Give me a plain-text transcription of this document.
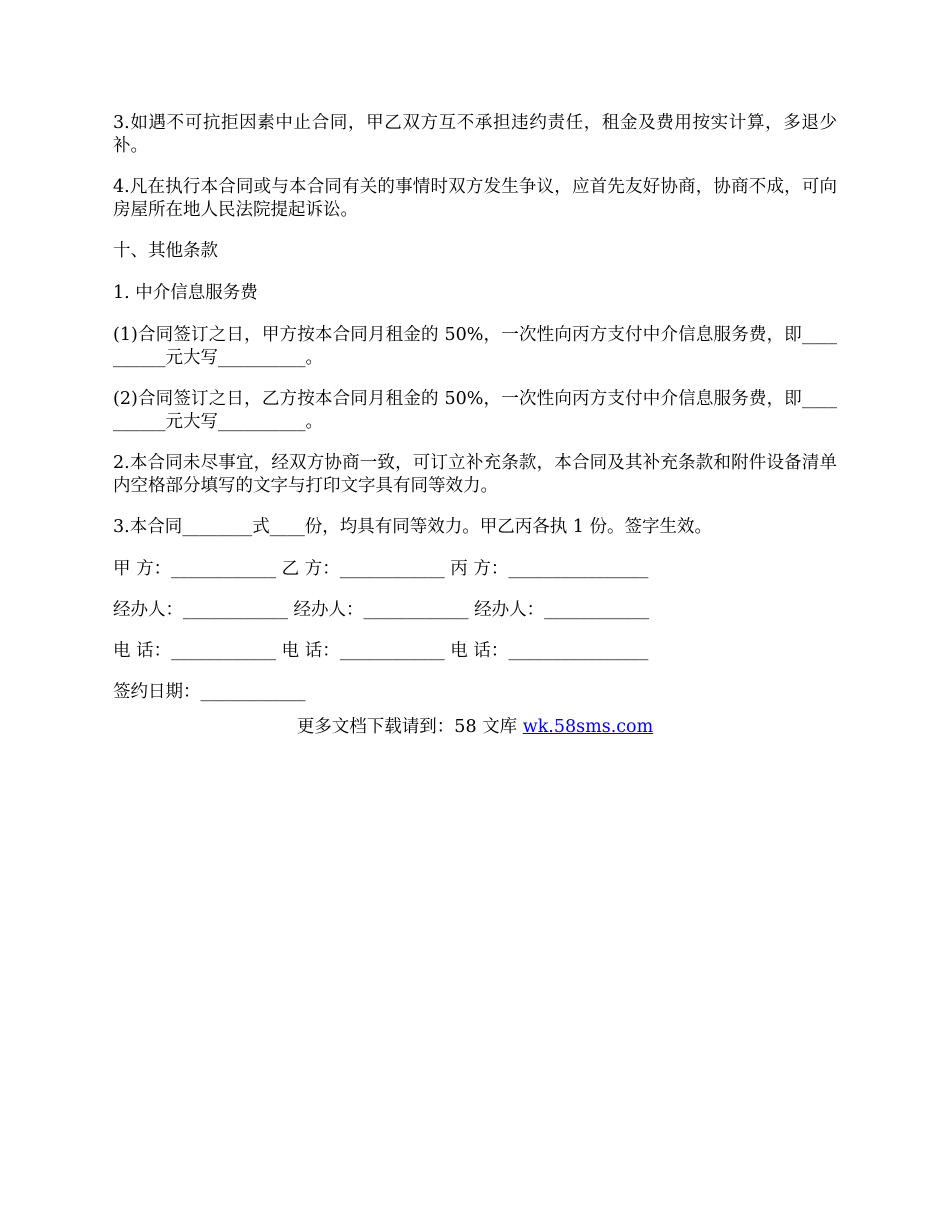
3.如遇不可抗拒因素中止合同，甲乙双方互不承担违约责任，租金及费用按实计算，多退少补。

4.凡在执行本合同或与本合同有关的事情时双方发生争议，应首先友好协商，协商不成，可向房屋所在地人民法院提起诉讼。

十、其他条款

1. 中介信息服务费

(1)合同签订之日，甲方按本合同月租金的 50%，一次性向丙方支付中介信息服务费，即__________元大写__________。

(2)合同签订之日，乙方按本合同月租金的 50%，一次性向丙方支付中介信息服务费，即__________元大写__________。

2.本合同未尽事宜，经双方协商一致，可订立补充条款，本合同及其补充条款和附件设备清单内空格部分填写的文字与打印文字具有同等效力。

3.本合同________式____份，均具有同等效力。甲乙丙各执 1 份。签字生效。

甲 方：____________ 乙 方：____________ 丙 方：________________
经办人：____________ 经办人：____________ 经办人：____________
电 话：____________ 电 话：____________ 电 话：________________
签约日期：____________
更多文档下载请到：58 文库 wk.58sms.com
